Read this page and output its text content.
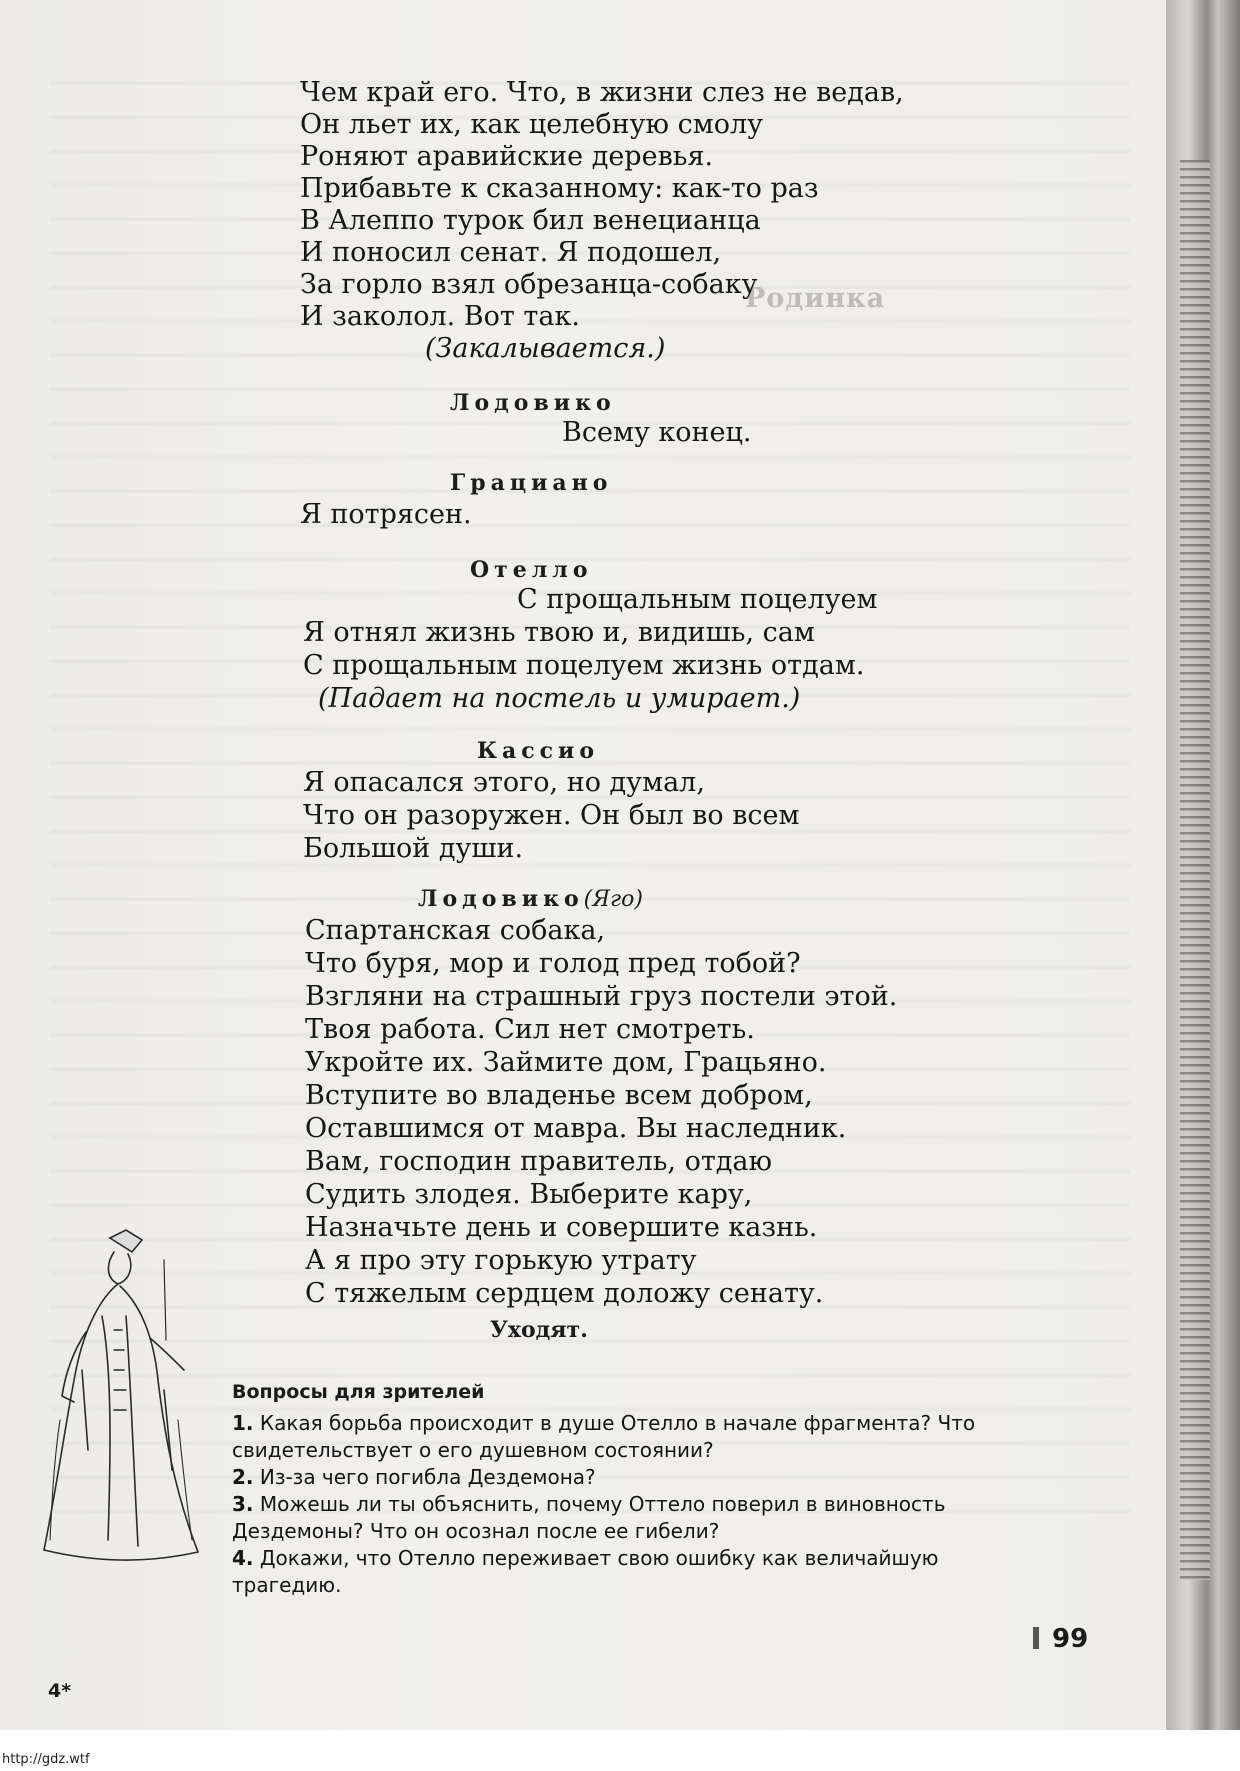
Родинка
Чем край его. Что, в жизни слез не ведав,
Он льет их, как целебную смолу
Роняют аравийские деревья.
Прибавьте к сказанному: как-то раз
В Алеппо турок бил венецианца
И поносил сенат. Я подошел,
За горло взял обрезанца-собаку
И заколол. Вот так.
(Закалывается.)
Лодовико
Всему конец.
Грациано
Я потрясен.
Отелло
С прощальным поцелуем
Я отнял жизнь твою и, видишь, сам
С прощальным поцелуем жизнь отдам.
(Падает на постель и умирает.)
Кассио
Я опасался этого, но думал,
Что он разоружен. Он был во всем
Большой души.
Лодовико(Яго)
Спартанская собака,
Что буря, мор и голод пред тобой?
Взгляни на страшный груз постели этой.
Твоя работа. Сил нет смотреть.
Укройте их. Займите дом, Грацьяно.
Вступите во владенье всем добром,
Оставшимся от мавра. Вы наследник.
Вам, господин правитель, отдаю
Судить злодея. Выберите кару,
Назначьте день и совершите казнь.
А я про эту горькую утрату
С тяжелым сердцем доложу сенату.
Уходят.
Вопросы для зрителей
1. Какая борьба происходит в душе Отелло в начале фрагмента? Что
свидетельствует о его душевном состоянии?
2. Из-за чего погибла Дездемона?
3. Можешь ли ты объяснить, почему Оттело поверил в виновность
Дездемоны? Что он осознал после ее гибели?
4. Докажи, что Отелло переживает свою ошибку как величайшую
трагедию.
99
4*
http://gdz.wtf
